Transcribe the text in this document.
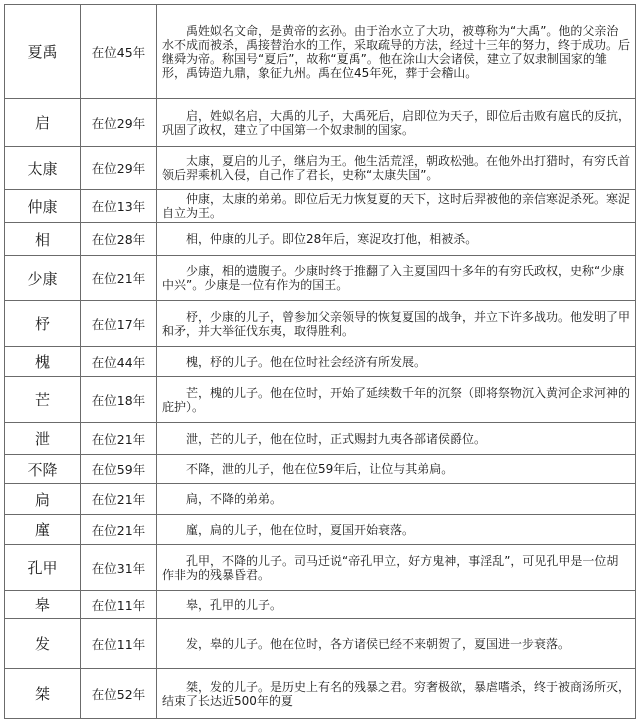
夏禹	在位45年	禹姓姒名文命，是黄帝的玄孙。由于治水立了大功，被尊称为“大禹”。他的父亲治水不成而被杀，禹接替治水的工作，采取疏导的方法，经过十三年的努力，终于成功。后继舜为帝。称国号“夏后”，故称“夏禹”。他在涂山大会诸侯，建立了奴隶制国家的雏形，禹铸造九鼎，象征九州。禹在位45年死，葬于会稽山。

启	在位29年	启，姓姒名启，大禹的儿子，大禹死后，启即位为天子，即位后击败有扈氏的反抗，巩固了政权，建立了中国第一个奴隶制的国家。

太康	在位29年	太康，夏启的儿子，继启为王。他生活荒淫，朝政松弛。在他外出打猎时，有穷氏首领后羿乘机入侵，自己作了君长，史称“太康失国”。

仲康	在位13年	仲康，太康的弟弟。即位后无力恢复夏的天下，这时后羿被他的亲信寒浞杀死。寒浞自立为王。

相	在位28年	相，仲康的儿子。即位28年后，寒浞攻打他，相被杀。

少康	在位21年	少康，相的遗腹子。少康时终于推翻了入主夏国四十多年的有穷氏政权，史称“少康中兴”。少康是一位有作为的国王。

杼	在位17年	杼，少康的儿子，曾参加父亲领导的恢复夏国的战争，并立下许多战功。他发明了甲和矛，并大举征伐东夷，取得胜利。

槐	在位44年	槐，杼的儿子。他在位时社会经济有所发展。

芒	在位18年	芒，槐的儿子。他在位时，开始了延续数千年的沉祭（即将祭物沉入黄河企求河神的庇护）。

泄	在位21年	泄，芒的儿子，他在位时，正式赐封九夷各部诸侯爵位。

不降	在位59年	不降，泄的儿子，他在位59年后，让位与其弟扃。

扃	在位21年	扃，不降的弟弟。

廑	在位21年	廑，扃的儿子，他在位时，夏国开始衰落。

孔甲	在位31年	孔甲，不降的儿子。司马迁说“帝孔甲立，好方鬼神，事淫乱”，可见孔甲是一位胡作非为的残暴昏君。

皋	在位11年	皋，孔甲的儿子。

发	在位11年	发，皋的儿子。他在位时，各方诸侯已经不来朝贺了，夏国进一步衰落。

桀	在位52年	桀，发的儿子。是历史上有名的残暴之君。穷奢极欲，暴虐嗜杀，终于被商汤所灭，结束了长达近500年的夏
